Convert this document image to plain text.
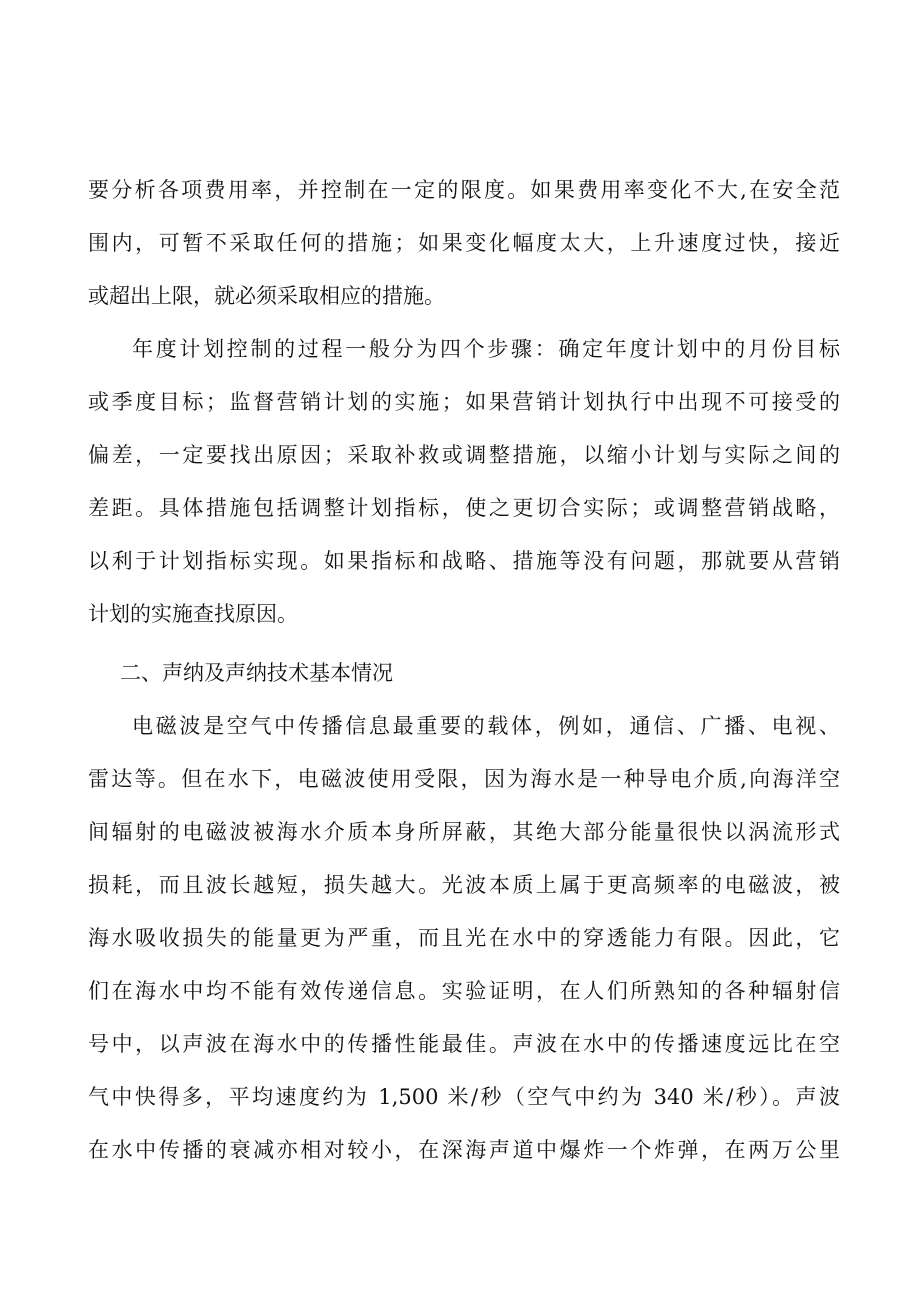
要分析各项费用率，并控制在一定的限度。如果费用率变化不大,在安全范
围内，可暂不采取任何的措施；如果变化幅度太大，上升速度过快，接近
或超出上限，就必须采取相应的措施。
年度计划控制的过程一般分为四个步骤：确定年度计划中的月份目标
或季度目标；监督营销计划的实施；如果营销计划执行中出现不可接受的
偏差，一定要找出原因；采取补救或调整措施，以缩小计划与实际之间的
差距。具体措施包括调整计划指标，使之更切合实际；或调整营销战略，
以利于计划指标实现。如果指标和战略、措施等没有问题，那就要从营销
计划的实施查找原因。
二、声纳及声纳技术基本情况
电磁波是空气中传播信息最重要的载体，例如，通信、广播、电视、
雷达等。但在水下，电磁波使用受限，因为海水是一种导电介质,向海洋空
间辐射的电磁波被海水介质本身所屏蔽，其绝大部分能量很快以涡流形式
损耗，而且波长越短，损失越大。光波本质上属于更高频率的电磁波，被
海水吸收损失的能量更为严重，而且光在水中的穿透能力有限。因此，它
们在海水中均不能有效传递信息。实验证明，在人们所熟知的各种辐射信
号中，以声波在海水中的传播性能最佳。声波在水中的传播速度远比在空
气中快得多，平均速度约为 1,500 米/秒（空气中约为 340 米/秒）。声波
在水中传播的衰减亦相对较小，在深海声道中爆炸一个炸弹，在两万公里
